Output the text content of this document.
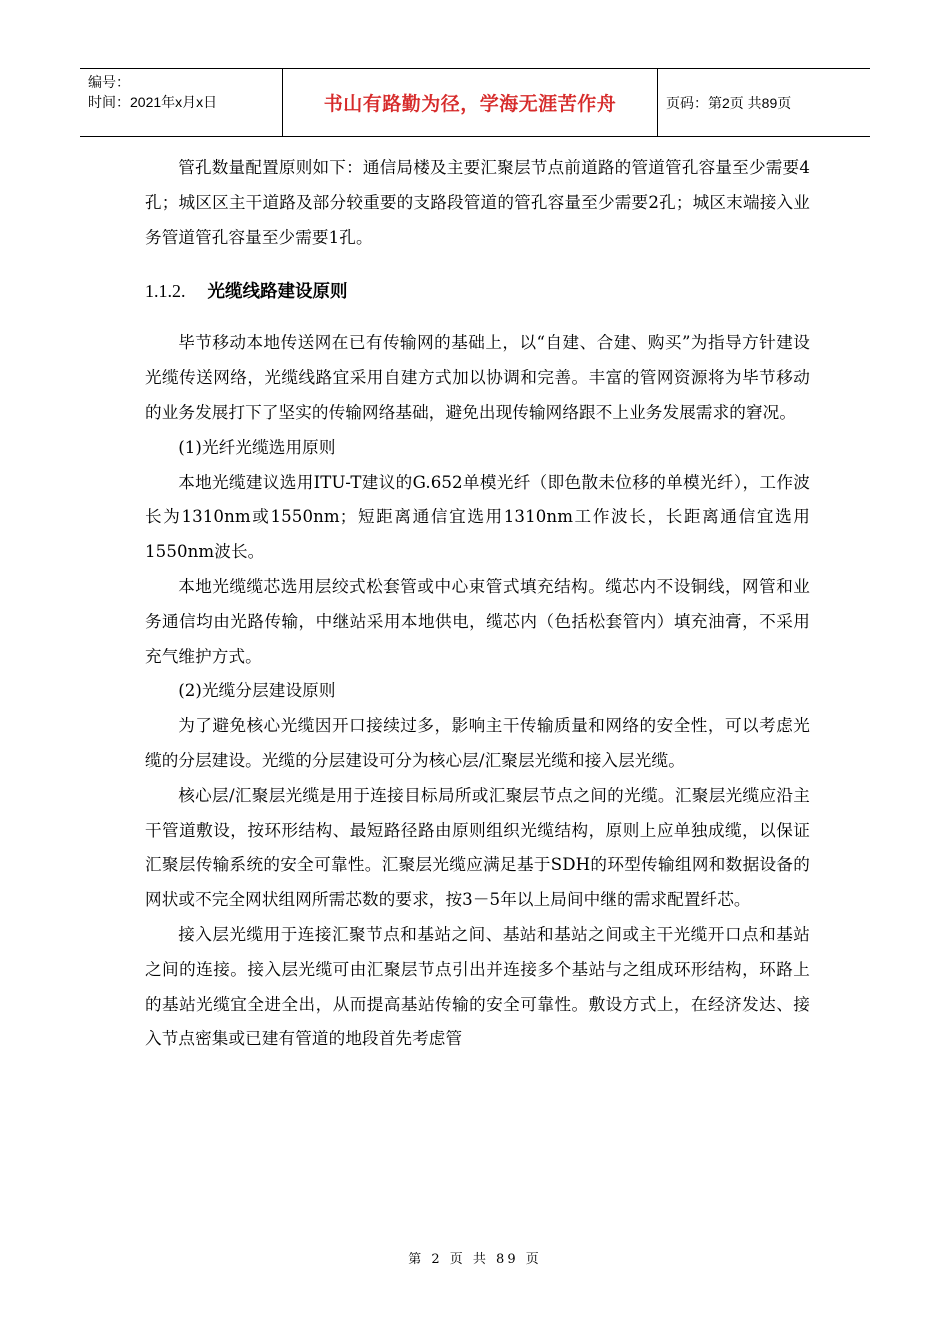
编号：
时间：2021年x月x日	书山有路勤为径，学海无涯苦作舟	页码：第2页 共89页

管孔数量配置原则如下：通信局楼及主要汇聚层节点前道路的管道管孔容量至少需要4孔；城区区主干道路及部分较重要的支路段管道的管孔容量至少需要2孔；城区末端接入业务管道管孔容量至少需要1孔。

1.1.2. 光缆线路建设原则

毕节移动本地传送网在已有传输网的基础上，以“自建、合建、购买”为指导方针建设光缆传送网络，光缆线路宜采用自建方式加以协调和完善。丰富的管网资源将为毕节移动的业务发展打下了坚实的传输网络基础，避免出现传输网络跟不上业务发展需求的窘况。

(1)光纤光缆选用原则

本地光缆建议选用ITU-T建议的G.652单模光纤（即色散未位移的单模光纤），工作波长为1310nm或1550nm；短距离通信宜选用1310nm工作波长，长距离通信宜选用1550nm波长。

本地光缆缆芯选用层绞式松套管或中心束管式填充结构。缆芯内不设铜线，网管和业务通信均由光路传输，中继站采用本地供电，缆芯内（色括松套管内）填充油膏，不采用充气维护方式。

(2)光缆分层建设原则

为了避免核心光缆因开口接续过多，影响主干传输质量和网络的安全性，可以考虑光缆的分层建设。光缆的分层建设可分为核心层/汇聚层光缆和接入层光缆。

核心层/汇聚层光缆是用于连接目标局所或汇聚层节点之间的光缆。汇聚层光缆应沿主干管道敷设，按环形结构、最短路径路由原则组织光缆结构，原则上应单独成缆，以保证汇聚层传输系统的安全可靠性。汇聚层光缆应满足基于SDH的环型传输组网和数据设备的网状或不完全网状组网所需芯数的要求，按3－5年以上局间中继的需求配置纤芯。

接入层光缆用于连接汇聚节点和基站之间、基站和基站之间或主干光缆开口点和基站之间的连接。接入层光缆可由汇聚层节点引出并连接多个基站与之组成环形结构，环路上的基站光缆宜全进全出，从而提高基站传输的安全可靠性。敷设方式上，在经济发达、接入节点密集或已建有管道的地段首先考虑管

第 2 页 共 89 页
